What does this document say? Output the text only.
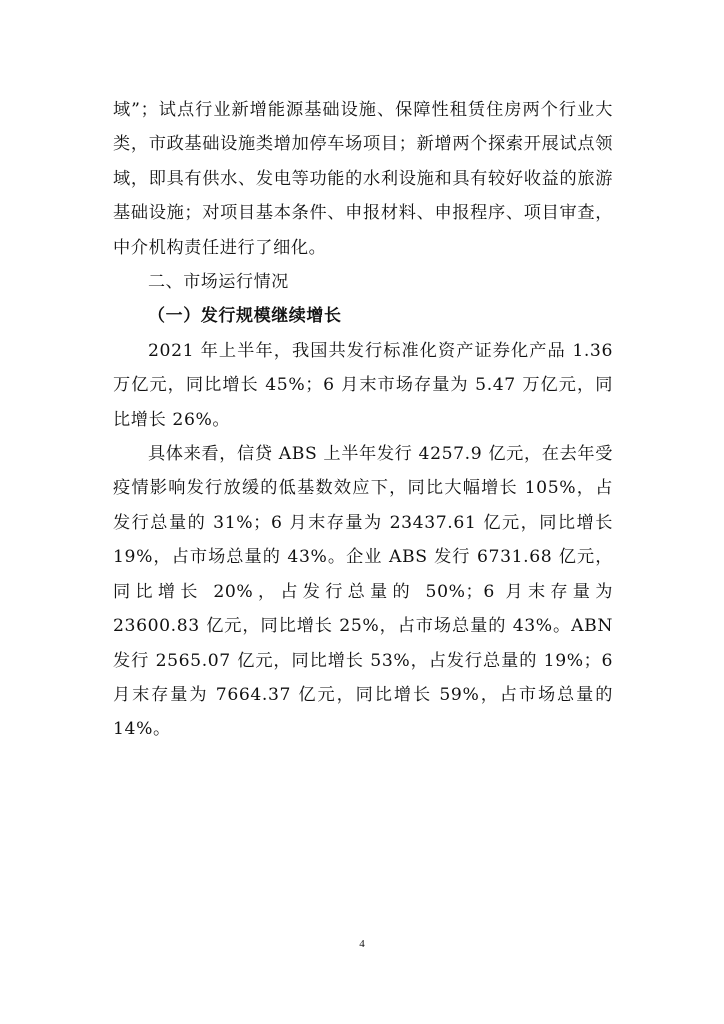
域”；试点行业新增能源基础设施、保障性租赁住房两个行业大类，市政基础设施类增加停车场项目；新增两个探索开展试点领域，即具有供水、发电等功能的水利设施和具有较好收益的旅游基础设施；对项目基本条件、申报材料、申报程序、项目审查，中介机构责任进行了细化。

二、市场运行情况

（一）发行规模继续增长

2021 年上半年，我国共发行标准化资产证券化产品 1.36 万亿元，同比增长 45%；6 月末市场存量为 5.47 万亿元，同比增长 26%。

具体来看，信贷 ABS 上半年发行 4257.9 亿元，在去年受疫情影响发行放缓的低基数效应下，同比大幅增长 105%，占发行总量的 31%；6 月末存量为 23437.61 亿元，同比增长 19%，占市场总量的 43%。企业 ABS 发行 6731.68 亿元，同比增长 20%，占发行总量的 50%；6 月末存量为 23600.83 亿元，同比增长 25%，占市场总量的 43%。ABN 发行 2565.07 亿元，同比增长 53%，占发行总量的 19%；6 月末存量为 7664.37 亿元，同比增长 59%，占市场总量的 14%。

4
